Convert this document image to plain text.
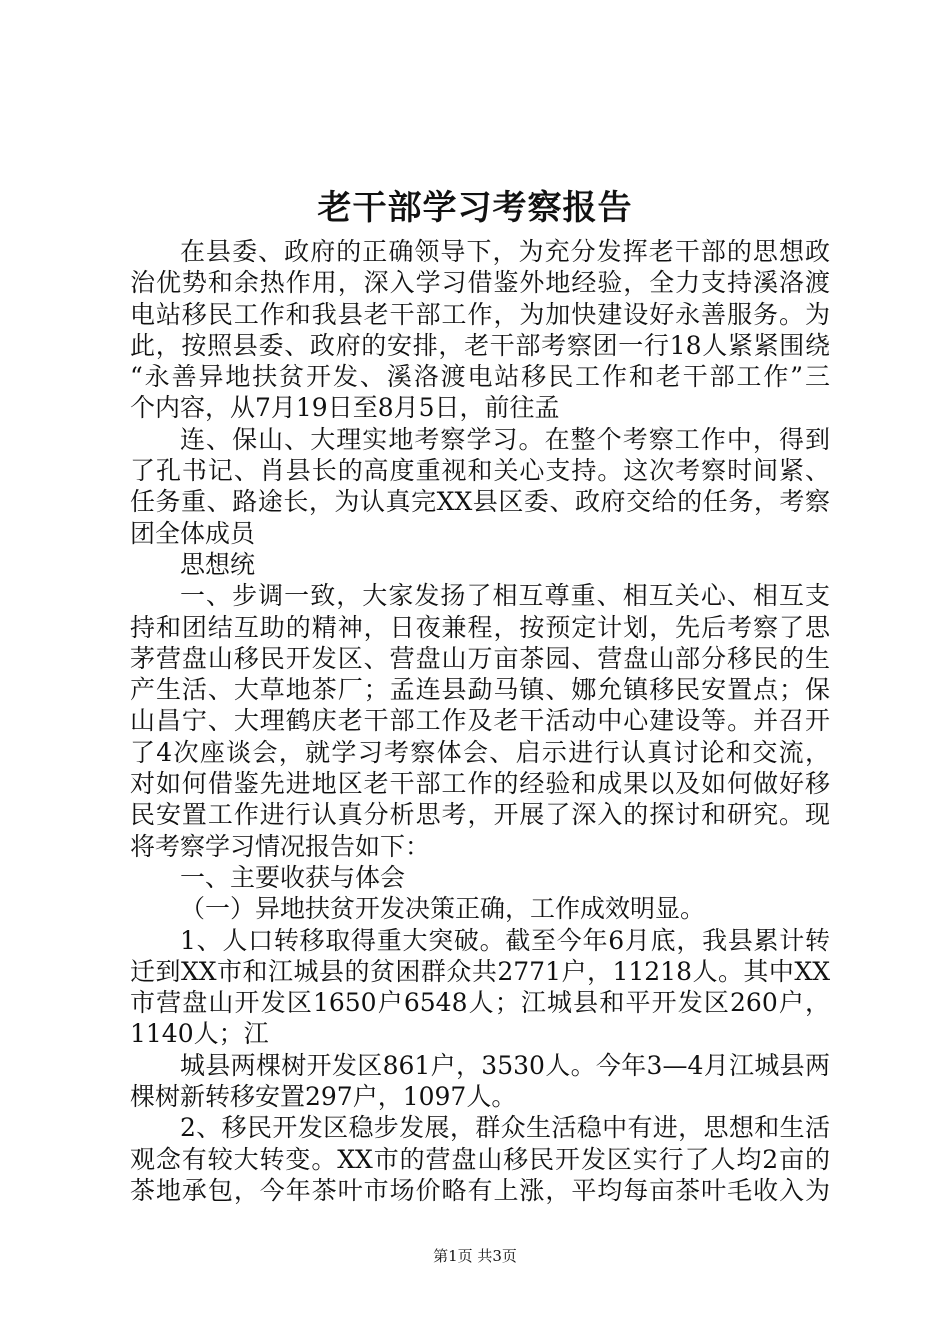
老干部学习考察报告
在县委、政府的正确领导下，为充分发挥老干部的思想政
治优势和余热作用，深入学习借鉴外地经验，全力支持溪洛渡
电站移民工作和我县老干部工作，为加快建设好永善服务。为
此，按照县委、政府的安排，老干部考察团一行18人紧紧围绕
“永善异地扶贫开发、溪洛渡电站移民工作和老干部工作”三
个内容，从7月19日至8月5日，前往孟
连、保山、大理实地考察学习。在整个考察工作中，得到
了孔书记、肖县长的高度重视和关心支持。这次考察时间紧、
任务重、路途长，为认真完XX县区委、政府交给的任务，考察
团全体成员
思想统
一、步调一致，大家发扬了相互尊重、相互关心、相互支
持和团结互助的精神，日夜兼程，按预定计划，先后考察了思
茅营盘山移民开发区、营盘山万亩茶园、营盘山部分移民的生
产生活、大草地茶厂；孟连县勐马镇、娜允镇移民安置点；保
山昌宁、大理鹤庆老干部工作及老干活动中心建设等。并召开
了4次座谈会，就学习考察体会、启示进行认真讨论和交流，
对如何借鉴先进地区老干部工作的经验和成果以及如何做好移
民安置工作进行认真分析思考，开展了深入的探讨和研究。现
将考察学习情况报告如下：
一、主要收获与体会
（一）异地扶贫开发决策正确，工作成效明显。
1、人口转移取得重大突破。截至今年6月底，我县累计转
迁到XX市和江城县的贫困群众共2771户，11218人。其中XX
市营盘山开发区1650户6548人；江城县和平开发区260户，
1140人；江
城县两棵树开发区861户，3530人。今年3—4月江城县两
棵树新转移安置297户，1097人。
2、移民开发区稳步发展，群众生活稳中有进，思想和生活
观念有较大转变。XX市的营盘山移民开发区实行了人均2亩的
茶地承包，今年茶叶市场价略有上涨，平均每亩茶叶毛收入为
第1页 共3页
